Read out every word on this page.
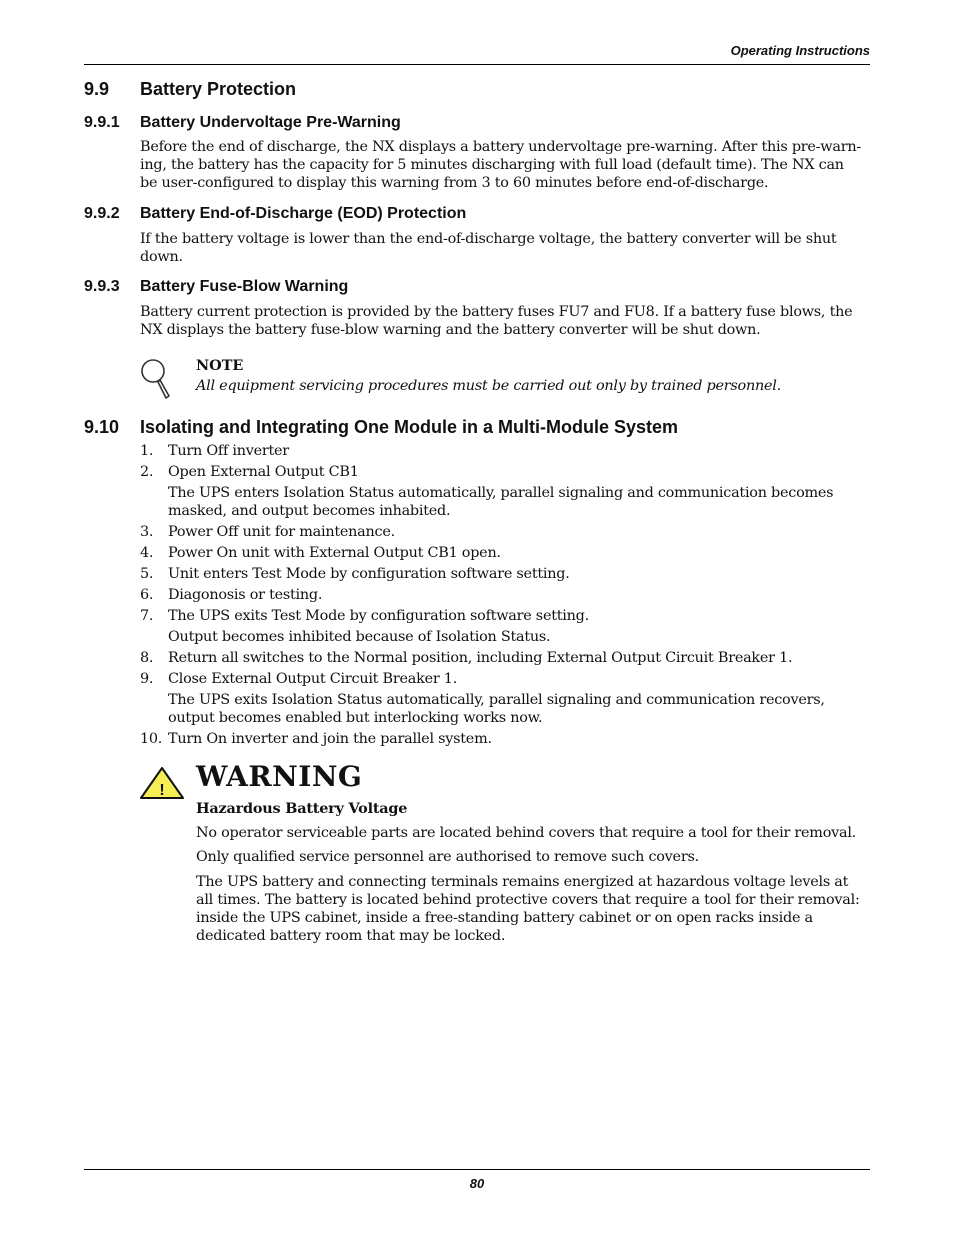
Operating Instructions
9.9 Battery Protection
9.9.1 Battery Undervoltage Pre-Warning
Before the end of discharge, the NX displays a battery undervoltage pre-warning. After this pre-warn-
ing, the battery has the capacity for 5 minutes discharging with full load (default time). The NX can
be user-configured to display this warning from 3 to 60 minutes before end-of-discharge.
9.9.2 Battery End-of-Discharge (EOD) Protection
If the battery voltage is lower than the end-of-discharge voltage, the battery converter will be shut
down.
9.9.3 Battery Fuse-Blow Warning
Battery current protection is provided by the battery fuses FU7 and FU8. If a battery fuse blows, the
NX displays the battery fuse-blow warning and the battery converter will be shut down.
NOTE
All equipment servicing procedures must be carried out only by trained personnel.
9.10 Isolating and Integrating One Module in a Multi-Module System
1. Turn Off inverter
2. Open External Output CB1
The UPS enters Isolation Status automatically, parallel signaling and communication becomes
masked, and output becomes inhabited.
3. Power Off unit for maintenance.
4. Power On unit with External Output CB1 open.
5. Unit enters Test Mode by configuration software setting.
6. Diagonosis or testing.
7. The UPS exits Test Mode by configuration software setting.
Output becomes inhibited because of Isolation Status.
8. Return all switches to the Normal position, including External Output Circuit Breaker 1.
9. Close External Output Circuit Breaker 1.
The UPS exits Isolation Status automatically, parallel signaling and communication recovers,
output becomes enabled but interlocking works now.
10. Turn On inverter and join the parallel system.
! WARNING
Hazardous Battery Voltage
No operator serviceable parts are located behind covers that require a tool for their removal.
Only qualified service personnel are authorised to remove such covers.
The UPS battery and connecting terminals remains energized at hazardous voltage levels at
all times. The battery is located behind protective covers that require a tool for their removal:
inside the UPS cabinet, inside a free-standing battery cabinet or on open racks inside a
dedicated battery room that may be locked.
80
